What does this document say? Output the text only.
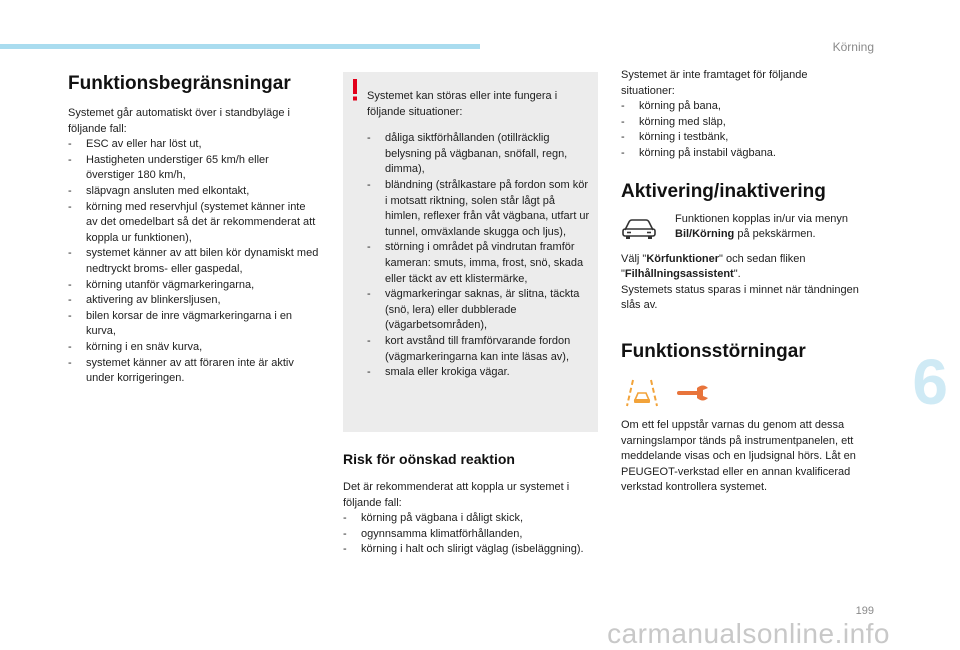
Körning
6
199
carmanualsonline.info
Funktionsbegränsningar

Systemet går automatiskt över i standbyläge i följande fall:

- ESC av eller har löst ut,
- Hastigheten understiger 65 km/h eller överstiger 180 km/h,
- släpvagn ansluten med elkontakt,
- körning med reservhjul (systemet känner inte av det omedelbart så det är rekommenderat att koppla ur funktionen),
- systemet känner av att bilen kör dynamiskt med nedtryckt broms- eller gaspedal,
- körning utanför vägmarkeringarna,
- aktivering av blinkersljusen,
- bilen korsar de inre vägmarkeringarna i en kurva,
- körning i en snäv kurva,
- systemet känner av att föraren inte är aktiv under korrigeringen.

Systemet kan störas eller inte fungera i följande situationer:

- dåliga siktförhållanden (otillräcklig belysning på vägbanan, snöfall, regn, dimma),
- bländning (strålkastare på fordon som kör i motsatt riktning, solen står lågt på himlen, reflexer från våt vägbana, utfart ur tunnel, omväxlande skugga och ljus),
- störning i området på vindrutan framför kameran: smuts, imma, frost, snö, skada eller täckt av ett klistermärke,
- vägmarkeringar saknas, är slitna, täckta (snö, lera) eller dubblerade (vägarbetsområden),
- kort avstånd till framförvarande fordon (vägmarkeringarna kan inte läsas av),
- smala eller krokiga vägar.
Risk för oönskad reaktion

Det är rekommenderat att koppla ur systemet i följande fall:

- körning på vägbana i dåligt skick,
- ogynnsamma klimatförhållanden,
- körning i halt och slirigt väglag (isbeläggning).

Systemet är inte framtaget för följande situationer:

- körning på bana,
- körning med släp,
- körning i testbänk,
- körning på instabil vägbana.
Aktivering/inaktivering

Funktionen kopplas in/ur via menyn Bil/Körning på pekskärmen.

Välj "Körfunktioner" och sedan fliken "Filhållningsassistent".

Systemets status sparas i minnet när tändningen slås av.

Funktionsstörningar

Om ett fel uppstår varnas du genom att dessa varningslampor tänds på instrumentpanelen, ett meddelande visas och en ljudsignal hörs. Låt en PEUGEOT-verkstad eller en annan kvalificerad verkstad kontrollera systemet.
